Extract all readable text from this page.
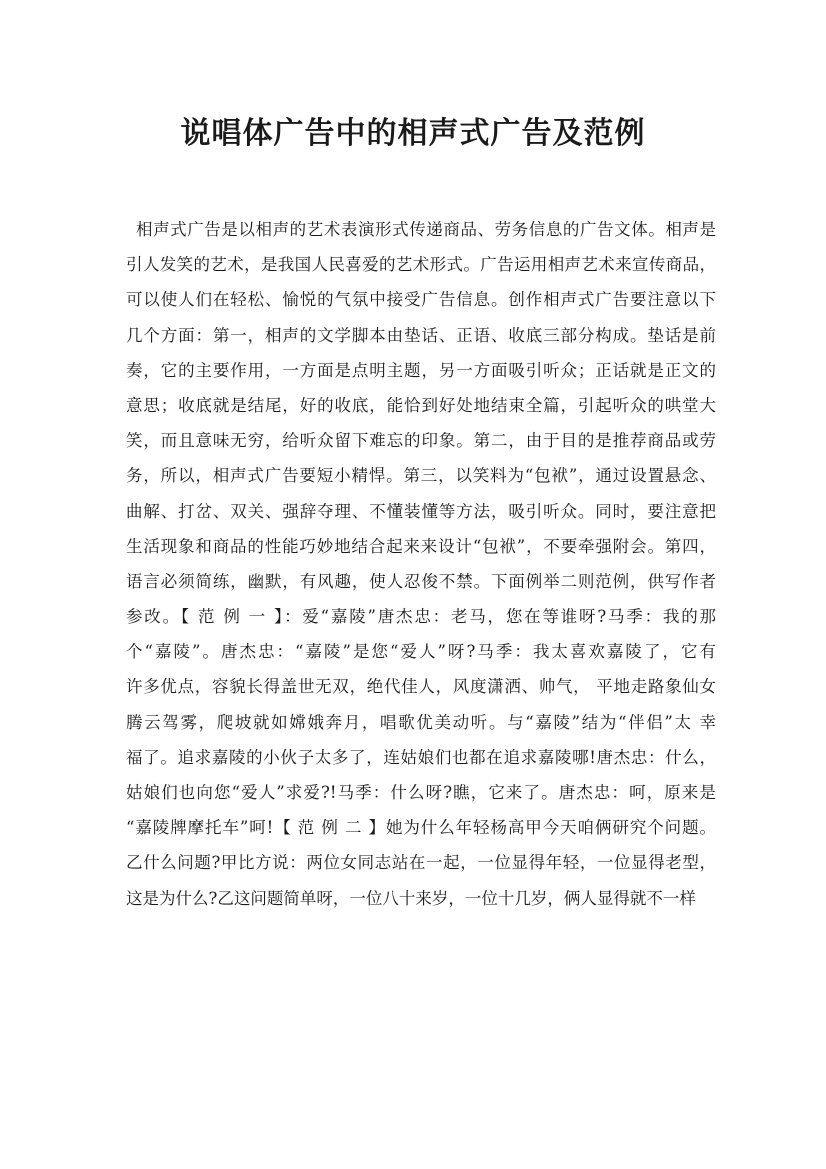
说唱体广告中的相声式广告及范例
相声式广告是以相声的艺术表演形式传递商品、劳务信息的广告文体。相声是
引人发笑的艺术，是我国人民喜爱的艺术形式。广告运用相声艺术来宣传商品，
可以使人们在轻松、愉悦的气氛中接受广告信息。创作相声式广告要注意以下
几个方面：第一，相声的文学脚本由垫话、正语、收底三部分构成。垫话是前
奏，它的主要作用，一方面是点明主题，另一方面吸引听众；正话就是正文的
意思；收底就是结尾，好的收底，能恰到好处地结束全篇，引起听众的哄堂大
笑，而且意味无穷，给听众留下难忘的印象。第二，由于目的是推荐商品或劳
务，所以，相声式广告要短小精悍。第三，以笑料为“包袱”，通过设置悬念、
曲解、打岔、双关、强辞夺理、不懂装懂等方法，吸引听众。同时，要注意把
生活现象和商品的性能巧妙地结合起来来设计“包袱”，不要牵强附会。第四，
语言必须简练，幽默，有风趣，使人忍俊不禁。下面例举二则范例，供写作者
参改。【 范 例 一 】：爱“嘉陵”唐杰忠：老马，您在等谁呀?马季：我的那
个“嘉陵”。唐杰忠：“嘉陵”是您“爱人”呀?马季：我太喜欢嘉陵了，它有
许多优点，容貌长得盖世无双，绝代佳人，风度潇洒、帅气， 平地走路象仙女
腾云驾雾，爬坡就如嫦娥奔月，唱歌优美动听。与“嘉陵”结为“伴侣”太 幸
福了。追求嘉陵的小伙子太多了，连姑娘们也都在追求嘉陵哪!唐杰忠：什么，
姑娘们也向您“爱人”求爱?!马季：什么呀?瞧，它来了。唐杰忠：呵，原来是
“嘉陵牌摩托车”呵!【 范 例 二 】她为什么年轻杨高甲今天咱俩研究个问题。
乙什么问题?甲比方说：两位女同志站在一起，一位显得年轻，一位显得老型，
这是为什么?乙这问题简单呀，一位八十来岁，一位十几岁，俩人显得就不一样
